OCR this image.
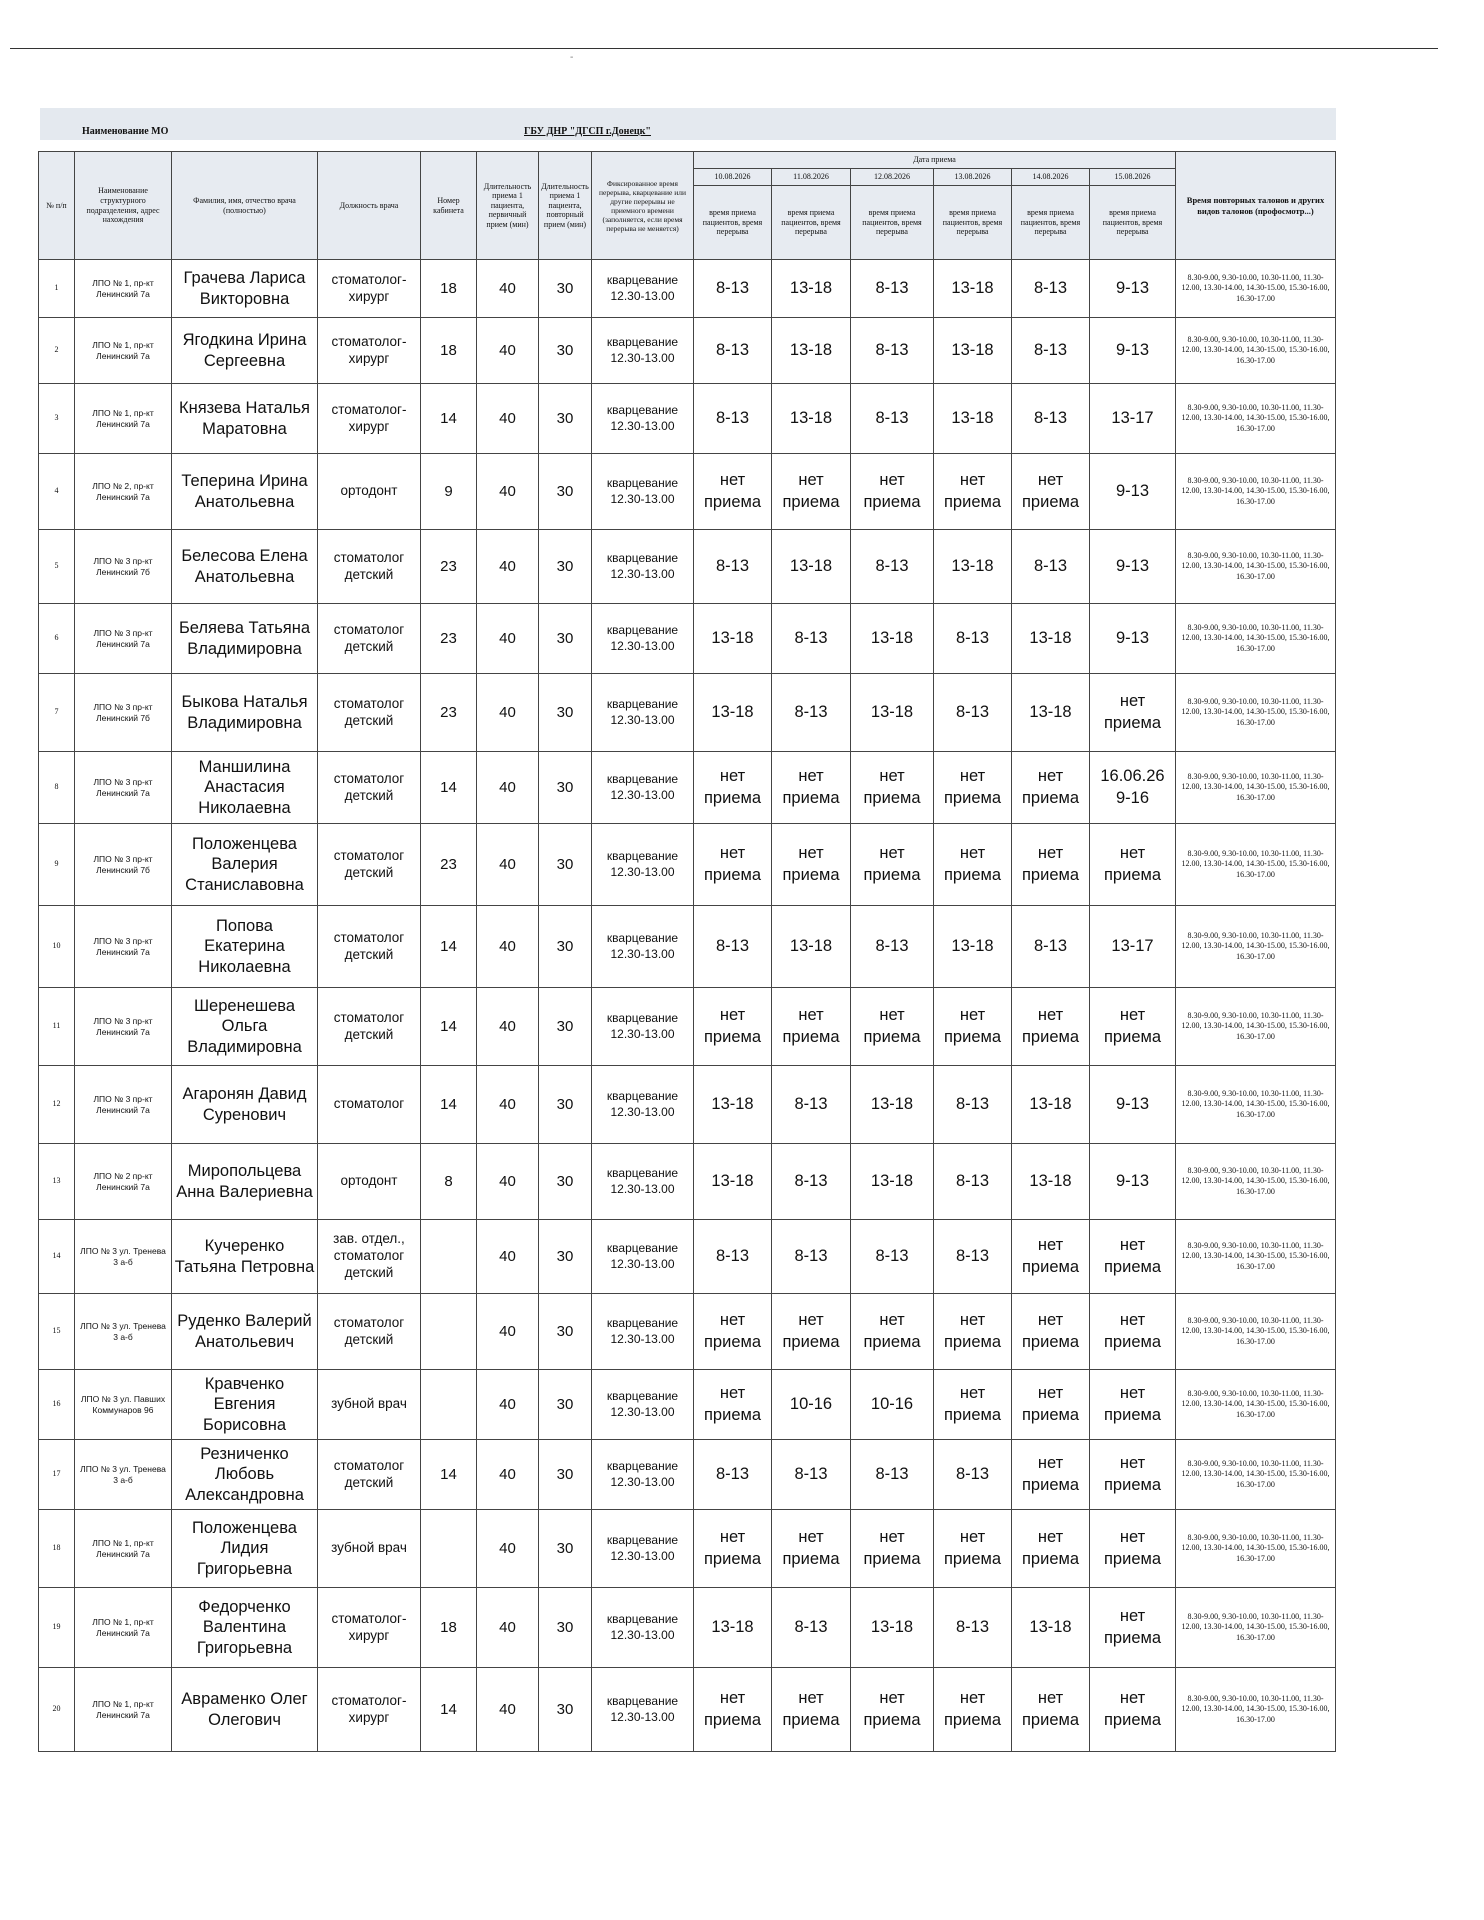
-
Наименование МО	ГБУ ДНР "ДГСП г.Донецк"
№ п/п	Наименование структурного подразделения, адрес нахождения	Фамилия, имя, отчество врача (полностью)	Должность врача	Номер кабинета	Длительность приема 1 пациента, первичный прием (мин)	Длительность приема 1 пациента, повторный прием (мин)	Фиксированное время перерыва, кварцевание или другие перерывы не приемного времени (заполняется, если время перерыва не меняется)	Дата приема						Время повторных талонов и других видов талонов (профосмотр...)
								10.08.2026	11.08.2026	12.08.2026	13.08.2026	14.08.2026	15.08.2026	
								время приема пациентов, время перерыва	время приема пациентов, время перерыва	время приема пациентов, время перерыва	время приема пациентов, время перерыва	время приема пациентов, время перерыва	время приема пациентов, время перерыва	
1	ЛПО № 1, пр-кт Ленинский 7а	Грачева Лариса Викторовна	стоматолог-хирург	18	40	30	кварцевание 12.30-13.00	8-13	13-18	8-13	13-18	8-13	9-13	8.30-9.00, 9.30-10.00, 10.30-11.00, 11.30-12.00, 13.30-14.00, 14.30-15.00, 15.30-16.00, 16.30-17.00
2	ЛПО № 1, пр-кт Ленинский 7а	Ягодкина Ирина Сергеевна	стоматолог-хирург	18	40	30	кварцевание 12.30-13.00	8-13	13-18	8-13	13-18	8-13	9-13	8.30-9.00, 9.30-10.00, 10.30-11.00, 11.30-12.00, 13.30-14.00, 14.30-15.00, 15.30-16.00, 16.30-17.00
3	ЛПО № 1, пр-кт Ленинский 7а	Князева Наталья Маратовна	стоматолог-хирург	14	40	30	кварцевание 12.30-13.00	8-13	13-18	8-13	13-18	8-13	13-17	8.30-9.00, 9.30-10.00, 10.30-11.00, 11.30-12.00, 13.30-14.00, 14.30-15.00, 15.30-16.00, 16.30-17.00
4	ЛПО № 2, пр-кт Ленинский 7а	Теперина Ирина Анатольевна	ортодонт	9	40	30	кварцевание 12.30-13.00	нет приема	нет приема	нет приема	нет приема	нет приема	9-13	8.30-9.00, 9.30-10.00, 10.30-11.00, 11.30-12.00, 13.30-14.00, 14.30-15.00, 15.30-16.00, 16.30-17.00
5	ЛПО № 3 пр-кт Ленинский 7б	Белесова Елена Анатольевна	стоматолог детский	23	40	30	кварцевание 12.30-13.00	8-13	13-18	8-13	13-18	8-13	9-13	8.30-9.00, 9.30-10.00, 10.30-11.00, 11.30-12.00, 13.30-14.00, 14.30-15.00, 15.30-16.00, 16.30-17.00
6	ЛПО № 3 пр-кт Ленинский 7а	Беляева Татьяна Владимировна	стоматолог детский	23	40	30	кварцевание 12.30-13.00	13-18	8-13	13-18	8-13	13-18	9-13	8.30-9.00, 9.30-10.00, 10.30-11.00, 11.30-12.00, 13.30-14.00, 14.30-15.00, 15.30-16.00, 16.30-17.00
7	ЛПО № 3 пр-кт Ленинский 7б	Быкова Наталья Владимировна	стоматолог детский	23	40	30	кварцевание 12.30-13.00	13-18	8-13	13-18	8-13	13-18	нет приема	8.30-9.00, 9.30-10.00, 10.30-11.00, 11.30-12.00, 13.30-14.00, 14.30-15.00, 15.30-16.00, 16.30-17.00
8	ЛПО № 3 пр-кт Ленинский 7а	Маншилина Анастасия Николаевна	стоматолог детский	14	40	30	кварцевание 12.30-13.00	нет приема	нет приема	нет приема	нет приема	нет приема	16.06.26 9-16	8.30-9.00, 9.30-10.00, 10.30-11.00, 11.30-12.00, 13.30-14.00, 14.30-15.00, 15.30-16.00, 16.30-17.00
9	ЛПО № 3 пр-кт Ленинский 7б	Положенцева Валерия Станиславовна	стоматолог детский	23	40	30	кварцевание 12.30-13.00	нет приема	нет приема	нет приема	нет приема	нет приема	нет приема	8.30-9.00, 9.30-10.00, 10.30-11.00, 11.30-12.00, 13.30-14.00, 14.30-15.00, 15.30-16.00, 16.30-17.00
10	ЛПО № 3 пр-кт Ленинский 7а	Попова Екатерина Николаевна	стоматолог детский	14	40	30	кварцевание 12.30-13.00	8-13	13-18	8-13	13-18	8-13	13-17	8.30-9.00, 9.30-10.00, 10.30-11.00, 11.30-12.00, 13.30-14.00, 14.30-15.00, 15.30-16.00, 16.30-17.00
11	ЛПО № 3 пр-кт Ленинский 7а	Шеренешева Ольга Владимировна	стоматолог детский	14	40	30	кварцевание 12.30-13.00	нет приема	нет приема	нет приема	нет приема	нет приема	нет приема	8.30-9.00, 9.30-10.00, 10.30-11.00, 11.30-12.00, 13.30-14.00, 14.30-15.00, 15.30-16.00, 16.30-17.00
12	ЛПО № 3 пр-кт Ленинский 7а	Агаронян Давид Суренович	стоматолог	14	40	30	кварцевание 12.30-13.00	13-18	8-13	13-18	8-13	13-18	9-13	8.30-9.00, 9.30-10.00, 10.30-11.00, 11.30-12.00, 13.30-14.00, 14.30-15.00, 15.30-16.00, 16.30-17.00
13	ЛПО № 2 пр-кт Ленинский 7а	Миропольцева Анна Валериевна	ортодонт	8	40	30	кварцевание 12.30-13.00	13-18	8-13	13-18	8-13	13-18	9-13	8.30-9.00, 9.30-10.00, 10.30-11.00, 11.30-12.00, 13.30-14.00, 14.30-15.00, 15.30-16.00, 16.30-17.00
14	ЛПО № 3 ул. Тренева 3 а-б	Кучеренко Татьяна Петровна	зав. отдел., стоматолог детский		40	30	кварцевание 12.30-13.00	8-13	8-13	8-13	8-13	нет приема	нет приема	8.30-9.00, 9.30-10.00, 10.30-11.00, 11.30-12.00, 13.30-14.00, 14.30-15.00, 15.30-16.00, 16.30-17.00
15	ЛПО № 3 ул. Тренева 3 а-б	Руденко Валерий Анатольевич	стоматолог детский		40	30	кварцевание 12.30-13.00	нет приема	нет приема	нет приема	нет приема	нет приема	нет приема	8.30-9.00, 9.30-10.00, 10.30-11.00, 11.30-12.00, 13.30-14.00, 14.30-15.00, 15.30-16.00, 16.30-17.00
16	ЛПО № 3 ул. Павших Коммунаров 96	Кравченко Евгения Борисовна	зубной врач		40	30	кварцевание 12.30-13.00	нет приема	10-16	10-16	нет приема	нет приема	нет приема	8.30-9.00, 9.30-10.00, 10.30-11.00, 11.30-12.00, 13.30-14.00, 14.30-15.00, 15.30-16.00, 16.30-17.00
17	ЛПО № 3 ул. Тренева 3 а-б	Резниченко Любовь Александровна	стоматолог детский	14	40	30	кварцевание 12.30-13.00	8-13	8-13	8-13	8-13	нет приема	нет приема	8.30-9.00, 9.30-10.00, 10.30-11.00, 11.30-12.00, 13.30-14.00, 14.30-15.00, 15.30-16.00, 16.30-17.00
18	ЛПО № 1, пр-кт Ленинский 7а	Положенцева Лидия Григорьевна	зубной врач		40	30	кварцевание 12.30-13.00	нет приема	нет приема	нет приема	нет приема	нет приема	нет приема	8.30-9.00, 9.30-10.00, 10.30-11.00, 11.30-12.00, 13.30-14.00, 14.30-15.00, 15.30-16.00, 16.30-17.00
19	ЛПО № 1, пр-кт Ленинский 7а	Федорченко Валентина Григорьевна	стоматолог-хирург	18	40	30	кварцевание 12.30-13.00	13-18	8-13	13-18	8-13	13-18	нет приема	8.30-9.00, 9.30-10.00, 10.30-11.00, 11.30-12.00, 13.30-14.00, 14.30-15.00, 15.30-16.00, 16.30-17.00
20	ЛПО № 1, пр-кт Ленинский 7а	Авраменко Олег Олегович	стоматолог-хирург	14	40	30	кварцевание 12.30-13.00	нет приема	нет приема	нет приема	нет приема	нет приема	нет приема	8.30-9.00, 9.30-10.00, 10.30-11.00, 11.30-12.00, 13.30-14.00, 14.30-15.00, 15.30-16.00, 16.30-17.00
